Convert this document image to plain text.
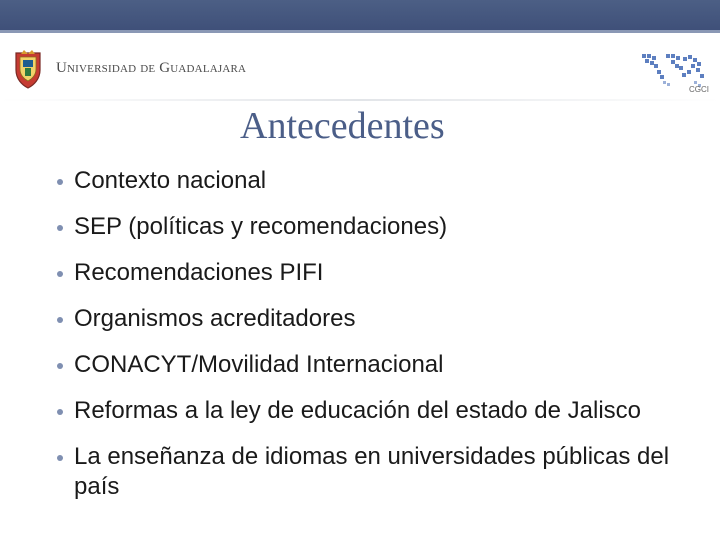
Universidad de Guadalajara
CGCI
Antecedentes
Contexto nacional
SEP (políticas y recomendaciones)
Recomendaciones PIFI
Organismos acreditadores
CONACYT/Movilidad Internacional
Reformas a la ley de educación del estado de Jalisco
La enseñanza de idiomas en universidades públicas del país
